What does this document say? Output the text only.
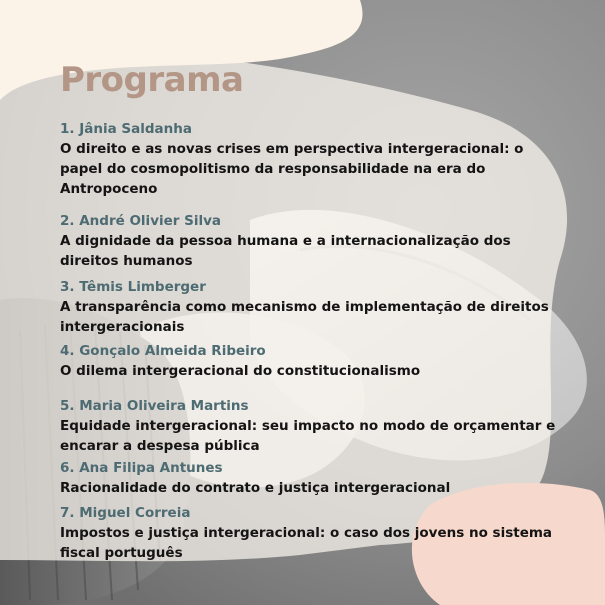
Programa

1. Jânia Saldanha

O direito e as novas crises em perspectiva intergeracional: o papel do cosmopolitismo da responsabilidade na era do Antropoceno

2. André Olivier Silva

A dignidade da pessoa humana e a internacionalização dos direitos humanos

3. Têmis Limberger

A transparência como mecanismo de implementação de direitos intergeracionais

4. Gonçalo Almeida Ribeiro

O dilema intergeracional do constitucionalismo

5. Maria Oliveira Martins

Equidade intergeracional: seu impacto no modo de orçamentar e encarar a despesa pública

6. Ana Filipa Antunes

Racionalidade do contrato e justiça intergeracional

7. Miguel Correia

Impostos e justiça intergeracional: o caso dos jovens no sistema fiscal português
